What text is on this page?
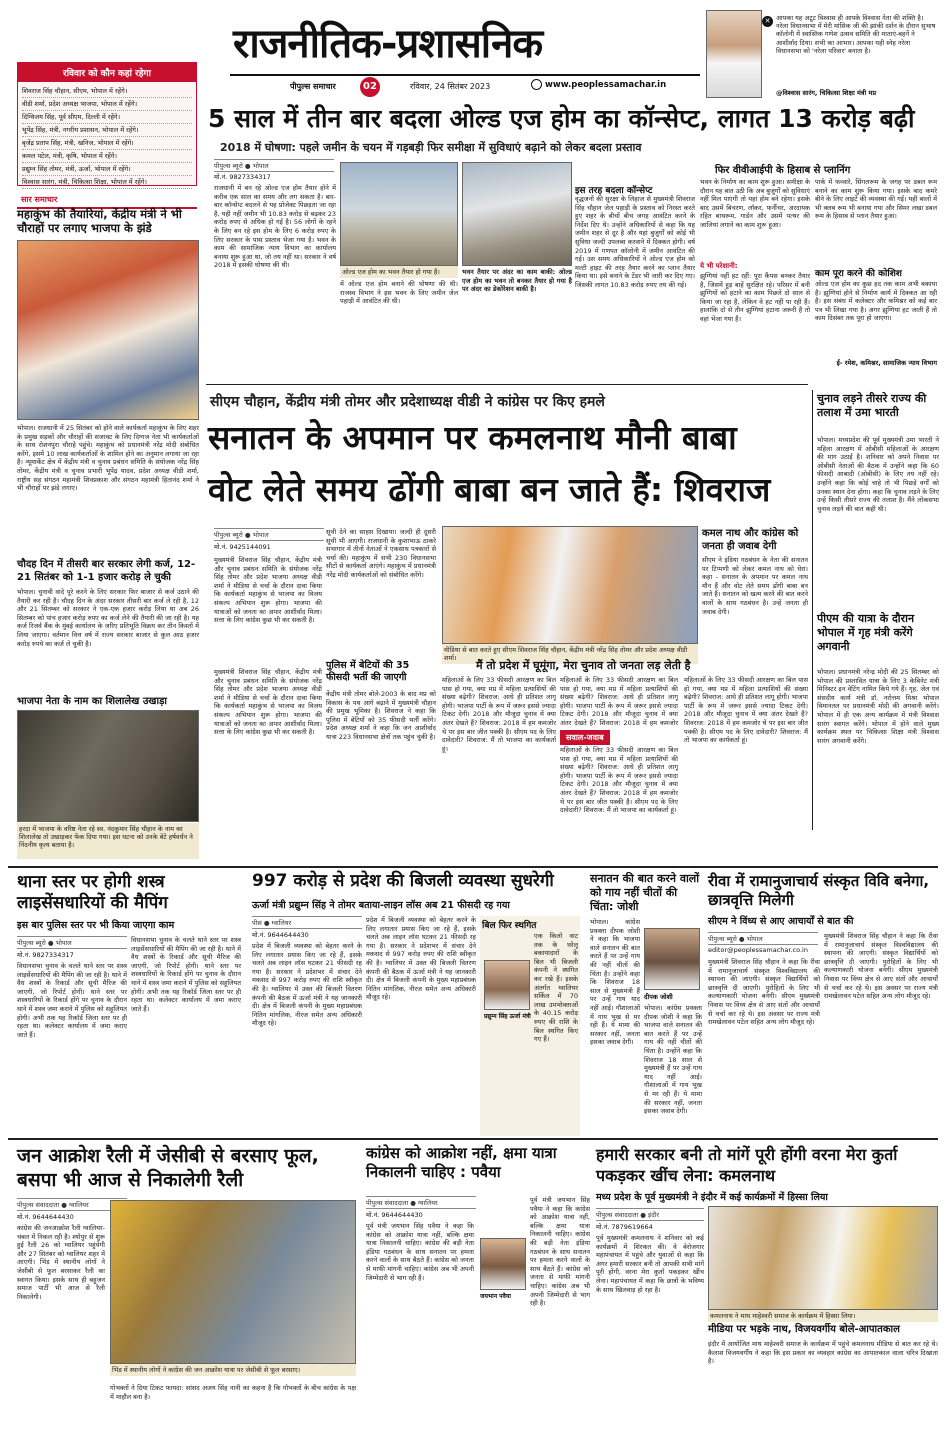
राजनीतिक-प्रशासनिक
पीपुल्स समाचार	02	रविवार, 24 सितंबर 2023	www.peoplessamachar.in
✕ आपका यह अटूट विश्वास ही आपके विश्वास नेता की शक्ति है। नरेला विधानसभा में मेरी मांसिक जी की झांकी दर्शन के दौरान सुभाष कॉलोनी में स्वास्तिक गणेश उत्सव समिति की माताएं-बहनें ने आशीर्वाद दिया। सभी का आभार। आपका यही स्नेह नरेला विधानसभा को 'नरेला परिवार' बनाता है।
@विश्वास सारंग, चिकित्सा शिक्षा मंत्री मप्र
रविवार को कौन कहां रहेगा
शिवराज सिंह चौहान, सीएम, भोपाल में रहेंगे।
वीडी शर्मा, प्रदेश अध्यक्ष भाजपा, भोपाल में रहेंगे।
दिग्विजय सिंह, पूर्व सीएम, दिल्ली में रहेंगे।
भूपेंद्र सिंह, मंत्री, नगरीय प्रशासन, भोपाल में रहेंगे।
बृजेंद्र प्रताप सिंह, मंत्री, खनिज, भोपाल में रहेंगे।
कमल पटेल, मंत्री, कृषि, भोपाल में रहेंगे।
प्रद्युम्न सिंह तोमर, मंत्री, ऊर्जा, भोपाल में रहेंगे।
विश्वास सारंग, मंत्री, चिकित्सा शिक्षा, भोपाल में रहेंगे।
सार समाचार
महाकुंभ की तैयारियां, केंद्रीय मंत्री ने भी चौराहों पर लगाए भाजपा के झंडे
भोपाल। राजधानी में 25 सितंबर को होने वाले कार्यकर्ता महाकुंभ के लिए शहर के प्रमुख सड़कों और चौराहों की सजावट के लिए दिग्गज नेता भी कार्यकर्ताओं के साथ रोशनपुरा चौराहे पहुंचे। महाकुंभ को प्रधानमंत्री नरेंद्र मोदी संबोधित करेंगे, इसमें 10 लाख कार्यकर्ताओं के शामिल होने का अनुमान लगाया जा रहा है। न्यूमार्केट क्षेत्र में केंद्रीय मंत्री व चुनाव प्रबंधन समिति के संयोजक नरेंद्र सिंह तोमर, केंद्रीय मंत्री व चुनाव प्रभारी भूपेंद्र यादव, प्रदेश अध्यक्ष वीडी शर्मा, राष्ट्रीय सह संगठन महामंत्री शिवप्रकाश और संगठन महामंत्री हितानंद शर्मा ने भी चौराहों पर झंडे लगाए।
चौदह दिन में तीसरी बार सरकार लेगी कर्ज, 12- 21 सितंबर को 1-1 हजार करोड़ ले चुकी
भोपाल। चुनावी वादे पूरे करने के लिए सरकार फिर बाजार से कर्ज उठाने की तैयारी कर रही है। चौदह दिन के अंदर सरकार तीसरी बार कर्ज ले रही है, 12 और 21 सितम्बर को सरकार ने एक-एक हजार करोड़ लिया था अब 26 सितम्बर को पांच हजार करोड़ रुपए का कर्ज लेने की तैयारी की जा रही है। यह कर्ज रिजर्व बैंक के मुंबई कार्यालय के जरिए प्रतिभूति विक्रय कर तीन किस्तों में लिया जाएगा। वर्तमान वित्त वर्ष में राज्य सरकार बाजार से कुल आठ हजार करोड़ रुपये का कर्ज ले चुकी है।
भाजपा नेता के नाम का शिलालेख उखाड़ा
हरदा में भाजपा के वरिष्ठ नेता रहे स्व. नंदकुमार सिंह चौहान के नाम का शिलालेख तो उखाड़कर फेंक दिया गया। इस घटना को उनके बेटे हर्षवर्धन ने निंदनीय कृत्य बताया है।
5 साल में तीन बार बदला ओल्ड एज होम का कॉन्सेप्ट, लागत 13 करोड़ बढ़ी
2018 में घोषणा: पहले जमीन के चयन में गड़बड़ी फिर समीक्षा में सुविधाएं बढ़ाने को लेकर बदला प्रस्ताव
पीपुल्स ब्यूरो ● भोपाल
मो.नं. 9827334317
राजधानी में बन रहे ओल्ड एज होम तैयार होने में करीब एक साल का समय और लग सकता है। बार-बार कॉन्सेप्ट बदलने से यह प्रोजेक्ट पिछड़ता जा रहा है, यही नहीं जमीन भी 10.83 करोड़ से बढ़कर 23 करोड़ रुपए से अधिक हो गई है। 56 लोगों के रहने के लिए बन रहे इस होम के लिए 6 करोड़ रुपए के लिए सरकार के पास प्रस्ताव भेजा गया है। भवन के काम की सामाजिक न्याय विभाग का कार्यालय बनाया शुरू हुआ था, जो तय नहीं था। सरकार ने वर्ष 2018 में इसकी घोषणा की थी।
ओल्ड एज होम का भवन तैयार हो गया है।
में ओल्ड एज होम बनाने की घोषणा की थी। राजस्व विभाग ने इस भवन के लिए जमीन जेल पहाड़ी में आवंटित की थी।
भवन तैयार पर अंदर का काम बाकी: ओल्ड एज होम का भवन तो बनकर तैयार हो गया है पर अंदर का डेकोरेशन बाकी है।
इस तरह बदला कॉन्सेप्ट
वृद्धजनों की सुरक्षा के लिहाज से मुख्यमंत्री शिवराज सिंह चौहान जेल पहाड़ी के प्रस्ताव को निरस्त करते हुए शहर के बीचों बीच जगह आवंटित करने के निर्देश दिए थे। उन्होंने अधिकारियों से कहा कि यह जमीन शहर से दूर है और यहां बुजुर्गों को कोई भी सुविधा जल्दी उपलब्ध करवाने में दिक्कत होगी। वर्ष 2019 में गणपत कॉलोनी में जमीन आवंटित की गई। उस समय अधिकारियों ने ओल्ड एज होम को मल्टी हाइट की तरह तैयार करने का प्लान तैयार किया था। इसे बनाने के टेंडर भी जारी कर दिए गए। जिसकी लागत 10.83 करोड़ रुपए तय की गई।
फिर वीवीआईपी के हिसाब से प्लानिंग
भवन के निर्माण का काम शुरू हुआ। समीक्षा के दौरान यह बात उठी कि अब बुजुर्गों को सुविधाएं नहीं मिल पाएंगी तो यहां होम बने रहेगा। इसके बाद उसमें बिचरण, लॉकर, फर्नीचर, अरदायक रहित बाथरूम, गार्डन और उसमें पत्थर की जालियां लगाने का काम शुरू हुआ।
ये भी परेशानी:
झुग्गियां नहीं हट रहीं: पूरा कैंपस बनकर तैयार है, जिसमें हुड़ बाहें सुरक्षित रहे। परिसर में बनी झुग्गियों को हटाने का काम पिछले दो साल से किया जा रहा है, लेकिन वे हट नहीं पा रही हैं। हालांकि दो से तीन झुग्गियां हटाना जरूरी है तो वहां भेजा गया है।
पार्क में फव्वारे, सिंगलरूम के जगह पर डबल रूम बनाने का काम शुरू किया गया। इसके बाद कमरे बीने के लिए लाइटें की व्यवस्था की गई। यही बालों में भी क्लब रूम भी बनाया गया और सिमर लखा डबल रूम के हिसाब से प्लान तैयार हुआ।
काम पूरा करने की कोशिश
ओल्ड एज होम का कुछ हद तक काम अभी बकाया है। झुग्गियां होने से निर्माण कार्य में दिक्कत आ रही है। इस संबंध में कलेक्टर और कमिश्नर को कई बार पत्र भी लिखा गया है। अगर झुग्गियां हट जाती हैं तो काम दिसंबर तक पूरा हो जाएगा।
ई- रमेश, कमिश्नर, सामाजिक न्याय विभाग
सीएम चौहान, केंद्रीय मंत्री तोमर और प्रदेशाध्यक्ष वीडी ने कांग्रेस पर किए हमले
सनातन के अपमान पर कमलनाथ मौनी बाबा
वोट लेते समय ढोंगी बाबा बन जाते हैं: शिवराज
पीपुल्स ब्यूरो ● भोपाल
मो.नं. 9425144091
मुख्यमंत्री शिवराज सिंह चौहान, केंद्रीय मंत्री और चुनाव प्रबंधन समिति के संयोजक नरेंद्र सिंह तोमर और प्रदेश भाजपा अध्यक्ष वीडी शर्मा ने मीडिया से चर्चा के दौरान दावा किया कि कार्यकर्ता महाकुंभ से भाजपा का विजय संकल्प अभियान शुरू होगा। भाजपा की यात्राओं को जनता का अपार आशीर्वाद मिला। सत्ता के लिए कांग्रेस कुछ भी कर सकती है।
सूची देने का साहस दिखाया। जल्दी ही दूसरी सूची भी आएगी। राजधानी के कुशाभाऊ ठाकरे सभागार में तीनों नेताओं ने एकसाथ पत्रकारों से चर्चा की। महाकुंभ में सभी 230 विधानसभा सीटों से कार्यकर्ता आएंगे। महाकुंभ में प्रधानमंत्री नरेंद्र मोदी कार्यकर्ताओं को संबोधित करेंगे।
मीडिया से बात करते हुए सीएम शिवराज सिंह चौहान, केंद्रीय मंत्री नरेंद्र सिंह तोमर और प्रदेश अध्यक्ष वीडी शर्मा।
कमल नाथ और कांग्रेस को जनता ही जवाब देगी
सीएम ने इंडिया गठबंधन के नेता की सनातन पर टिप्पणी को लेकर कमल नाथ को घेरा। कहा - सनातन के अपमान पर कमल नाथ मौन हैं और वोट लेते समय ढोंगी बाबा बन जाते हैं। सनातन को खत्म करने की बात करने वालों के साथ गठबंधन है। उन्हें जनता ही जवाब देगी।
पुलिस में बेटियों की 35 फीसदी भर्ती की जाएगी
मुख्यमंत्री शिवराज सिंह चौहान, केंद्रीय मंत्री और चुनाव प्रबंधन समिति के संयोजक नरेंद्र सिंह तोमर और प्रदेश भाजपा अध्यक्ष वीडी शर्मा ने मीडिया से चर्चा के दौरान दावा किया कि कार्यकर्ता महाकुंभ से भाजपा का विजय संकल्प अभियान शुरू होगा। भाजपा की यात्राओं को जनता का अपार आशीर्वाद मिला। सत्ता के लिए कांग्रेस कुछ भी कर सकती है।
केंद्रीय मंत्री तोमर बोले-2003 के बाद मप्र को विकास के पथ आगे बढ़ाने में मुख्यमंत्री चौहान की प्रमुख भूमिका है। शिवराज ने कहा कि पुलिस में बेटियों को 35 फीसदी भर्ती करेंगे। प्रदेश अध्यक्ष शर्मा ने कहा कि जन आशीर्वाद यात्रा 223 विधानसभा क्षेत्रों तक पहुंच चुकी है।
मैं तो प्रदेश में घूमूंगा, मेरा चुनाव तो जनता लड़ लेती है
सवाल-जवाब
महिलाओं के लिए 33 फीसदी आरक्षण का बिल पास हो गया, क्या मप्र में महिला प्रत्याशियों की संख्या बढ़ेगी? शिवराज: आधे ही प्रतिशत लागू होगी। भाजपा पार्टी के रूप में जरूर इससे ज्यादा टिकट देगी। 2018 और मौजूदा चुनाव में क्या अंतर देखते हैं? शिवराज: 2018 में हम कमजोर थे पर इस बार जीत पक्की है। सीएम पद के लिए दावेदारी? शिवराज: मैं तो भाजपा का कार्यकर्ता हूं।
महिलाओं के लिए 33 फीसदी आरक्षण का बिल पास हो गया, क्या मप्र में महिला प्रत्याशियों की संख्या बढ़ेगी? शिवराज: आधे ही प्रतिशत लागू होगी। भाजपा पार्टी के रूप में जरूर इससे ज्यादा टिकट देगी। 2018 और मौजूदा चुनाव में क्या अंतर देखते हैं? शिवराज: 2018 में हम कमजोर
महिलाओं के लिए 33 फीसदी आरक्षण का बिल पास हो गया, क्या मप्र में महिला प्रत्याशियों की संख्या बढ़ेगी? शिवराज: आधे ही प्रतिशत लागू होगी। भाजपा पार्टी के रूप में जरूर इससे ज्यादा टिकट देगी। 2018 और मौजूदा चुनाव में क्या अंतर देखते हैं? शिवराज: 2018 में हम कमजोर थे पर इस बार जीत पक्की है। सीएम पद के लिए दावेदारी? शिवराज: मैं तो भाजपा का कार्यकर्ता हूं।
महिलाओं के लिए 33 फीसदी आरक्षण का बिल पास हो गया, क्या मप्र में महिला प्रत्याशियों की संख्या बढ़ेगी? शिवराज: आधे ही प्रतिशत लागू होगी। भाजपा पार्टी के रूप में जरूर इससे ज्यादा टिकट देगी। 2018 और मौजूदा चुनाव में क्या अंतर देखते हैं? शिवराज: 2018 में हम कमजोर थे पर इस बार जीत पक्की है। सीएम पद के लिए दावेदारी? शिवराज: मैं तो भाजपा का कार्यकर्ता हूं।
चुनाव लड़ने तीसरे राज्य की तलाश में उमा भारती
भोपाल। मध्यप्रदेश की पूर्व मुख्यमंत्री उमा भारती ने महिला आरक्षण में ओबीसी महिलाओं के आरक्षण की मांग उठाई है। शनिवार को अपने निवास पर ओबीसी नेताओं की बैठक में उन्होंने कहा कि 60 फीसदी आबादी (ओबीसी) के लिए तय नहीं रहे। उन्होंने कहा कि कोई चाहे तो भी पिछड़े वर्गों को उनका स्थान देना होगा। कहा कि चुनाव लड़ने के लिए उन्हें किसी तीसरे राज्य की तलाश है। मैंने लोकसभा चुनाव लड़ने की बात कही थी।
पीएम की यात्रा के दौरान भोपाल में गृह मंत्री करेंगे अगवानी
भोपाल। प्रधानमंत्री नरेन्द्र मोदी की 25 सितम्बर को भोपाल की प्रस्तावित यात्रा के लिए 3 केबिनेट मंत्री मिनिस्टर इन वेटिंग नामित किये गये हैं। गृह, जेल एवं संसदीय कार्य मंत्री डॉ. नरोत्तम मिश्रा भोपाल विमानतल पर प्रधानमंत्री मोदी की अगवानी करेंगे। भोपाल में ही एक अन्य कार्यक्रम में मंत्री विश्वास सारंग स्वागत करेंगे। भोपाल में होने वाले मुख्य कार्यक्रम स्थल पर चिकित्सा शिक्षा मंत्री विश्वास सारंग अगवानी करेंगे।
थाना स्तर पर होगी शस्त्र लाइसेंसधारियों की मैपिंग
इस बार पुलिस स्तर पर भी किया जाएगा काम
पीपुल्स ब्यूरो ● भोपाल
मो.नं. 9827334317
विधानसभा चुनाव के चलते थाने स्तर पर शस्त्र लाइसेंसधारियों की मैपिंग की जा रही है। थाने में वैध शस्त्रों के रिकार्ड और सूची मैरिज की जाएगी, जो रिपोर्ट होगी। थाने स्तर पर शस्त्रधारियों के रिकार्ड होंगे पर चुनाव के दौरान थाने में शस्त्र जमा कराने में पुलिस को सहूलियत होगी। अभी तक यह रिकॉर्ड जिला स्तर पर ही रहता था। कलेक्टर कार्यालय में जमा कराए जाते हैं।
विधानसभा चुनाव के चलते थाने स्तर पर शस्त्र लाइसेंसधारियों की मैपिंग की जा रही है। थाने में वैध शस्त्रों के रिकार्ड और सूची मैरिज की जाएगी, जो रिपोर्ट होगी। थाने स्तर पर शस्त्रधारियों के रिकार्ड होंगे पर चुनाव के दौरान थाने में शस्त्र जमा कराने में पुलिस को सहूलियत होगी। अभी तक यह रिकॉर्ड जिला स्तर पर ही रहता था। कलेक्टर कार्यालय में जमा कराए जाते हैं।
997 करोड़ से प्रदेश की बिजली व्यवस्था सुधरेगी
ऊर्जा मंत्री प्रद्युम्न सिंह ने तोमर बताया-लाइन लॉस अब 21 फीसदी रह गया
पीस ● ग्वालियर
मो.नं. 9644644430
प्रदेश में बिजली व्यवस्था को बेहतर करने के लिए लगातार प्रयास किए जा रहे हैं, इसके चलते अब लाइन लॉस घटकर 21 फीसदी रह गया है। सरकार ने प्रदेशभर में संचार देने मकसद से 997 करोड़ रुपए की राशि स्वीकृत की है। ग्वालियर में उक्त की बिजली वितरण कंपनी की बैठक में ऊर्जा मंत्री ने यह जानकारी दी। क्षेत्र में बिजली कंपनी के मुख्य महाप्रबंधक नितिन मांगलिक, नीरज समेत अन्य अधिकारी मौजूद रहे।
प्रदेश में बिजली व्यवस्था को बेहतर करने के लिए लगातार प्रयास किए जा रहे हैं, इसके चलते अब लाइन लॉस घटकर 21 फीसदी रह गया है। सरकार ने प्रदेशभर में संचार देने मकसद से 997 करोड़ रुपए की राशि स्वीकृत की है। ग्वालियर में उक्त की बिजली वितरण कंपनी की बैठक में ऊर्जा मंत्री ने यह जानकारी दी। क्षेत्र में बिजली कंपनी के मुख्य महाप्रबंधक नितिन मांगलिक, नीरज समेत अन्य अधिकारी मौजूद रहे।
बिल फिर स्थगित
प्रद्युम्न सिंह ऊर्जा मंत्री
एक किलो वाट तक के घरेलू बकायादारों के बिल भी बिजली कंपनी ने स्थगित कर रखे हैं। इसके अंतर्गत ग्वालियर सर्किल में 70 लाख उपभोक्ताओं के 40.15 करोड़ रुपए की राशि के बिल स्थगित किए गए हैं।
सनातन की बात करने वालों को गाय नहीं चीतों की चिंता: जोशी
भोपाल। कांग्रेस प्रवक्ता दीपक जोशी ने कहा कि भाजपा वाले सनातन की बात करते हैं पर उन्हें गाय की नहीं चीतों की चिंता है। उन्होंने कहा कि शिवराज 18 साल से मुख्यमंत्री हैं पर उन्हें गाय याद नहीं आई। गौशालाओं में गाय भूख से मर रही हैं। ये मामा की सरकार नहीं, जनता इसका जवाब देगी।
दीपक जोशी
भोपाल। कांग्रेस प्रवक्ता दीपक जोशी ने कहा कि भाजपा वाले सनातन की बात करते हैं पर उन्हें गाय की नहीं चीतों की चिंता है। उन्होंने कहा कि शिवराज 18 साल से मुख्यमंत्री हैं पर उन्हें गाय याद नहीं आई। गौशालाओं में गाय भूख से मर रही हैं। ये मामा की सरकार नहीं, जनता इसका जवाब देगी।
रीवा में रामानुजाचार्य संस्कृत विवि बनेगा, छात्रवृत्ति मिलेगी
सीएम ने विंध्य से आए आचार्यों से बात की
पीपुल्स ब्यूरो ● भोपाल
editor@peoplessamachar.co.in
मुख्यमंत्री शिवराज सिंह चौहान ने कहा कि रीवा में रामानुजाचार्य संस्कृत विश्वविद्यालय की स्थापना की जाएगी। संस्कृत विद्यार्थियों को छात्रवृत्ति दी जाएगी। पुरोहितों के लिए भी कल्याणकारी योजना बनेगी। सीएम मुख्यमंत्री निवास पर विंध्य क्षेत्र से आए संतों और आचार्यों से चर्चा कर रहे थे। इस अवसर पर राज्य मंत्री रामखेलावन पटेल सहित अन्य लोग मौजूद रहे।
मुख्यमंत्री शिवराज सिंह चौहान ने कहा कि रीवा में रामानुजाचार्य संस्कृत विश्वविद्यालय की स्थापना की जाएगी। संस्कृत विद्यार्थियों को छात्रवृत्ति दी जाएगी। पुरोहितों के लिए भी कल्याणकारी योजना बनेगी। सीएम मुख्यमंत्री निवास पर विंध्य क्षेत्र से आए संतों और आचार्यों से चर्चा कर रहे थे। इस अवसर पर राज्य मंत्री रामखेलावन पटेल सहित अन्य लोग मौजूद रहे।
जन आक्रोश रैली में जेसीबी से बरसाए फूल, बसपा भी आज से निकालेगी रैली
पीपुल्स संवाददाता ● ग्वालियर
मो.नं. 9644644430
कांग्रेस की जनआक्रोश रैली ग्वालियर-चंबल में निकल रही है। श्योपुर से शुरू हुई रैली 26 को ग्वालियर पहुंचेगी और 27 सितंबर को ग्वालियर शहर में आएगी। भिंड में स्थानीय लोगों ने जेसीबी से फूल बरसाकर रैली का स्वागत किया। इसके साथ ही बहुजन समाज पार्टी भी आज से रैली निकालेगी।
भिंड में स्थानीय लोगों ने कांग्रेस की जन आक्रोश यात्रा पर जेसीबी से फूल बरसाए।
गोभक्तों ने दिया टिकट फायदा: सांसद अजय सिंह नानी का कहना है कि गोभक्तों के बीच कांग्रेस के पक्ष में माहौल बना है।
कांग्रेस को आक्रोश नहीं, क्षमा यात्रा निकालनी चाहिए : पवैया
पीपुल्स संवाददाता ● ग्वालियर
मो.नं. 9644644430
पूर्व मंत्री जयभान सिंह पवैया ने कहा कि कांग्रेस को आक्रोश यात्रा नहीं, बल्कि क्षमा यात्रा निकालनी चाहिए। कांग्रेस की बड़ी नेता इंडिया गठबंधन के साथ सनातन पर हमला करने वालों के साथ बैठते हैं। कांग्रेस को जनता से माफी मांगनी चाहिए। कांग्रेस अब भी अपनी जिम्मेदारी से भाग रही है।
जयभान पवैया
पूर्व मंत्री जयभान सिंह पवैया ने कहा कि कांग्रेस को आक्रोश यात्रा नहीं, बल्कि क्षमा यात्रा निकालनी चाहिए। कांग्रेस की बड़ी नेता इंडिया गठबंधन के साथ सनातन पर हमला करने वालों के साथ बैठते हैं। कांग्रेस को जनता से माफी मांगनी चाहिए। कांग्रेस अब भी अपनी जिम्मेदारी से भाग रही है।
हमारी सरकार बनी तो मांगें पूरी होंगी वरना मेरा कुर्ता पकड़कर खींच लेना: कमलनाथ
मध्य प्रदेश के पूर्व मुख्यमंत्री ने इंदौर में कई कार्यक्रमों में हिस्सा लिया
पीपुल्स संवाददाता ● इंदौर
मो.नं. 7879619664
पूर्व मुख्यमंत्री कमलनाथ ने शनिवार को कई कार्यक्रमों में शिरकत की। वे बेरोजगार महापंचायत में पहुंचे और युवाओं से कहा कि अगर हमारी सरकार बनी तो आपकी सभी मांगें पूरी होंगी, वरना मेरा कुर्ता पकड़कर खींच लेना। महापंचायत में कहा कि छात्रों के भविष्य के साथ खिलवाड़ हो रहा है।
कमलनाथ ने माथ माहेश्वरी समाज के कार्यक्रम में हिस्सा लिया।
मीडिया पर भड़के नाथ, विजयवर्गीय बोले-आपातकाल
इंदौर में आयोजित माथ माहेश्वरी समाज के कार्यक्रम में पहुंचे कमलनाथ मीडिया से बात कर रहे थे। कैलाश विजयवर्गीय ने कहा कि इस प्रकार का व्यवहार कांग्रेस का आपातकाल वाला चरित्र दिखाता है।
